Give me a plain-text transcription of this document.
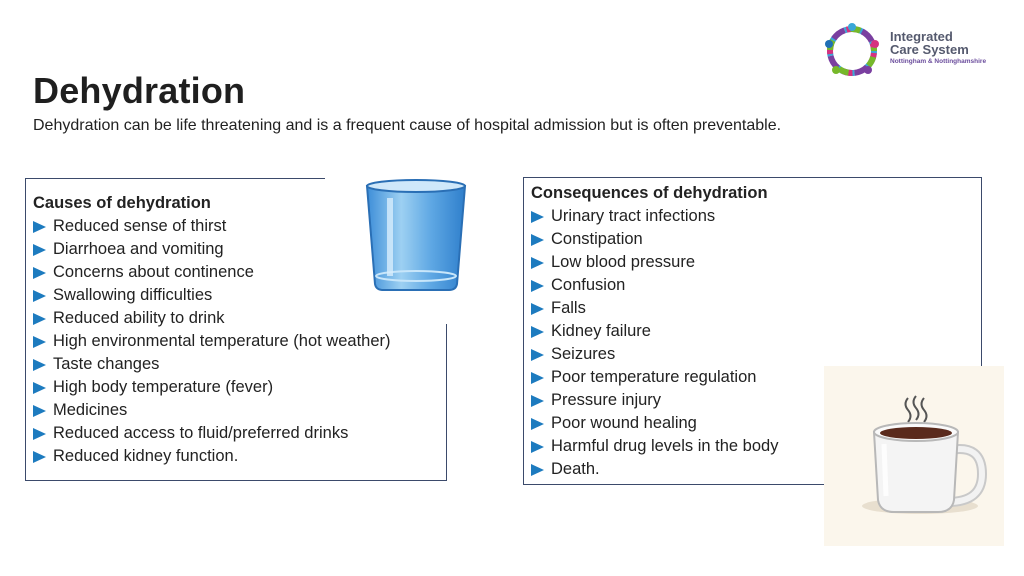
Integrated
Care System
Nottingham & Nottinghamshire
Dehydration

Dehydration can be life threatening and is a frequent cause of hospital admission but is often preventable.

Causes of dehydration
Reduced sense of thirst
Diarrhoea and vomiting
Concerns about continence
Swallowing difficulties
Reduced ability to drink
High environmental temperature (hot weather)
Taste changes
High body temperature (fever)
Medicines
Reduced access to fluid/preferred drinks
Reduced kidney function.
Consequences of dehydration
Urinary tract infections
Constipation
Low blood pressure
Confusion
Falls
Kidney failure
Seizures
Poor temperature regulation
Pressure injury
Poor wound healing
Harmful drug levels in the body
Death.
